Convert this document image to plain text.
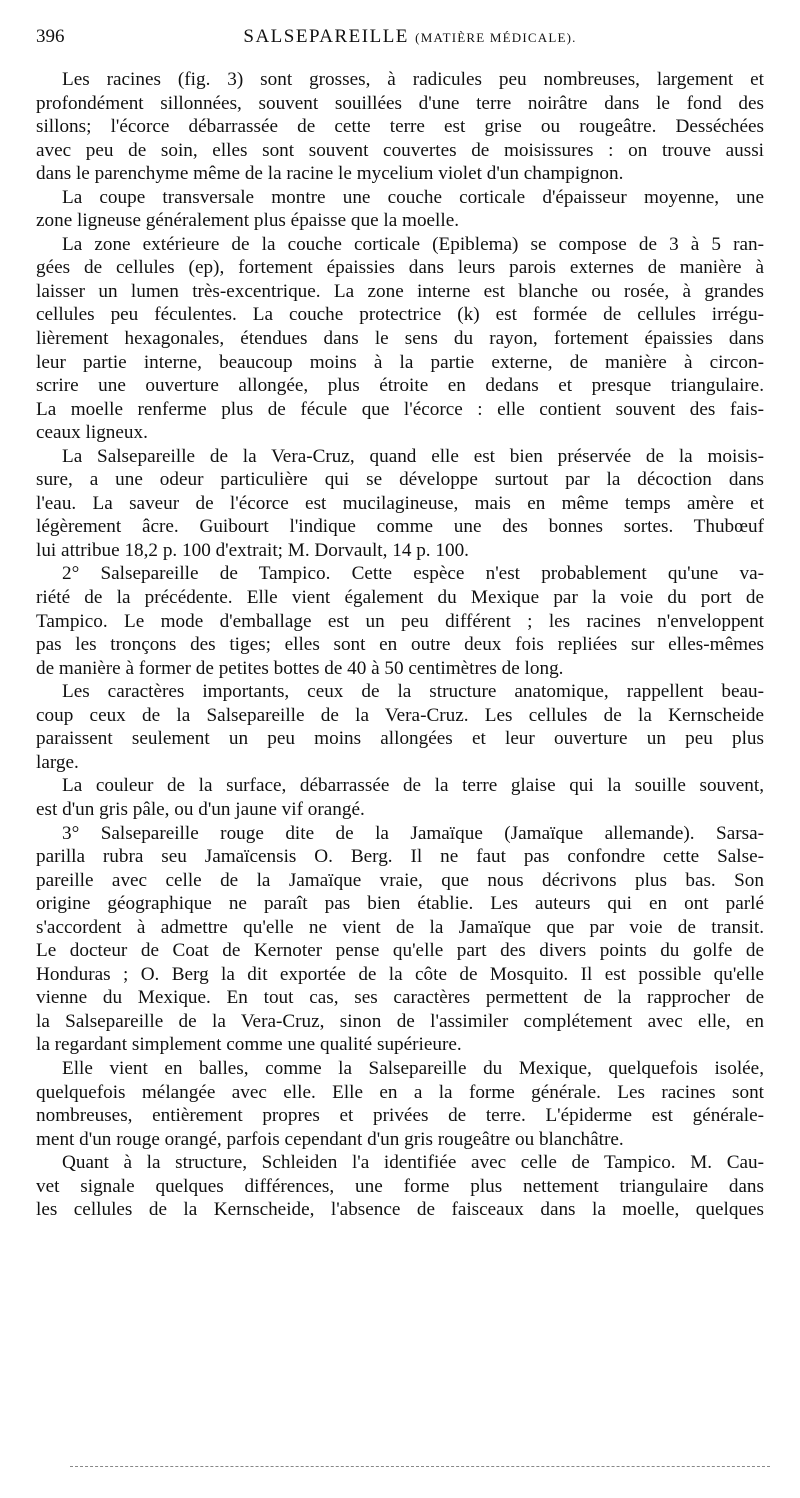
396	SALSEPAREILLE (MATIÈRE MÉDICALE).
Les racines (fig. 3) sont grosses, à radicules peu nombreuses, largement et
profondément sillonnées, souvent souillées d'une terre noirâtre dans le fond des
sillons; l'écorce débarrassée de cette terre est grise ou rougeâtre. Desséchées
avec peu de soin, elles sont souvent couvertes de moisissures : on trouve aussi
dans le parenchyme même de la racine le mycelium violet d'un champignon.
La coupe transversale montre une couche corticale d'épaisseur moyenne, une
zone ligneuse généralement plus épaisse que la moelle.
La zone extérieure de la couche corticale (Epiblema) se compose de 3 à 5 ran-
gées de cellules (ep), fortement épaissies dans leurs parois externes de manière à
laisser un lumen très-excentrique. La zone interne est blanche ou rosée, à grandes
cellules peu féculentes. La couche protectrice (k) est formée de cellules irrégu-
lièrement hexagonales, étendues dans le sens du rayon, fortement épaissies dans
leur partie interne, beaucoup moins à la partie externe, de manière à circon-
scrire une ouverture allongée, plus étroite en dedans et presque triangulaire.
La moelle renferme plus de fécule que l'écorce : elle contient souvent des fais-
ceaux ligneux.
La Salsepareille de la Vera-Cruz, quand elle est bien préservée de la moisis-
sure, a une odeur particulière qui se développe surtout par la décoction dans
l'eau. La saveur de l'écorce est mucilagineuse, mais en même temps amère et
légèrement âcre. Guibourt l'indique comme une des bonnes sortes. Thubœuf
lui attribue 18,2 p. 100 d'extrait; M. Dorvault, 14 p. 100.
2° Salsepareille de Tampico. Cette espèce n'est probablement qu'une va-
riété de la précédente. Elle vient également du Mexique par la voie du port de
Tampico. Le mode d'emballage est un peu différent ; les racines n'enveloppent
pas les tronçons des tiges; elles sont en outre deux fois repliées sur elles-mêmes
de manière à former de petites bottes de 40 à 50 centimètres de long.
Les caractères importants, ceux de la structure anatomique, rappellent beau-
coup ceux de la Salsepareille de la Vera-Cruz. Les cellules de la Kernscheide
paraissent seulement un peu moins allongées et leur ouverture un peu plus
large.
La couleur de la surface, débarrassée de la terre glaise qui la souille souvent,
est d'un gris pâle, ou d'un jaune vif orangé.
3° Salsepareille rouge dite de la Jamaïque (Jamaïque allemande). Sarsa-
parilla rubra seu Jamaïcensis O. Berg. Il ne faut pas confondre cette Salse-
pareille avec celle de la Jamaïque vraie, que nous décrivons plus bas. Son
origine géographique ne paraît pas bien établie. Les auteurs qui en ont parlé
s'accordent à admettre qu'elle ne vient de la Jamaïque que par voie de transit.
Le docteur de Coat de Kernoter pense qu'elle part des divers points du golfe de
Honduras ; O. Berg la dit exportée de la côte de Mosquito. Il est possible qu'elle
vienne du Mexique. En tout cas, ses caractères permettent de la rapprocher de
la Salsepareille de la Vera-Cruz, sinon de l'assimiler complétement avec elle, en
la regardant simplement comme une qualité supérieure.
Elle vient en balles, comme la Salsepareille du Mexique, quelquefois isolée,
quelquefois mélangée avec elle. Elle en a la forme générale. Les racines sont
nombreuses, entièrement propres et privées de terre. L'épiderme est générale-
ment d'un rouge orangé, parfois cependant d'un gris rougeâtre ou blanchâtre.
Quant à la structure, Schleiden l'a identifiée avec celle de Tampico. M. Cau-
vet signale quelques différences, une forme plus nettement triangulaire dans
les cellules de la Kernscheide, l'absence de faisceaux dans la moelle, quelques
